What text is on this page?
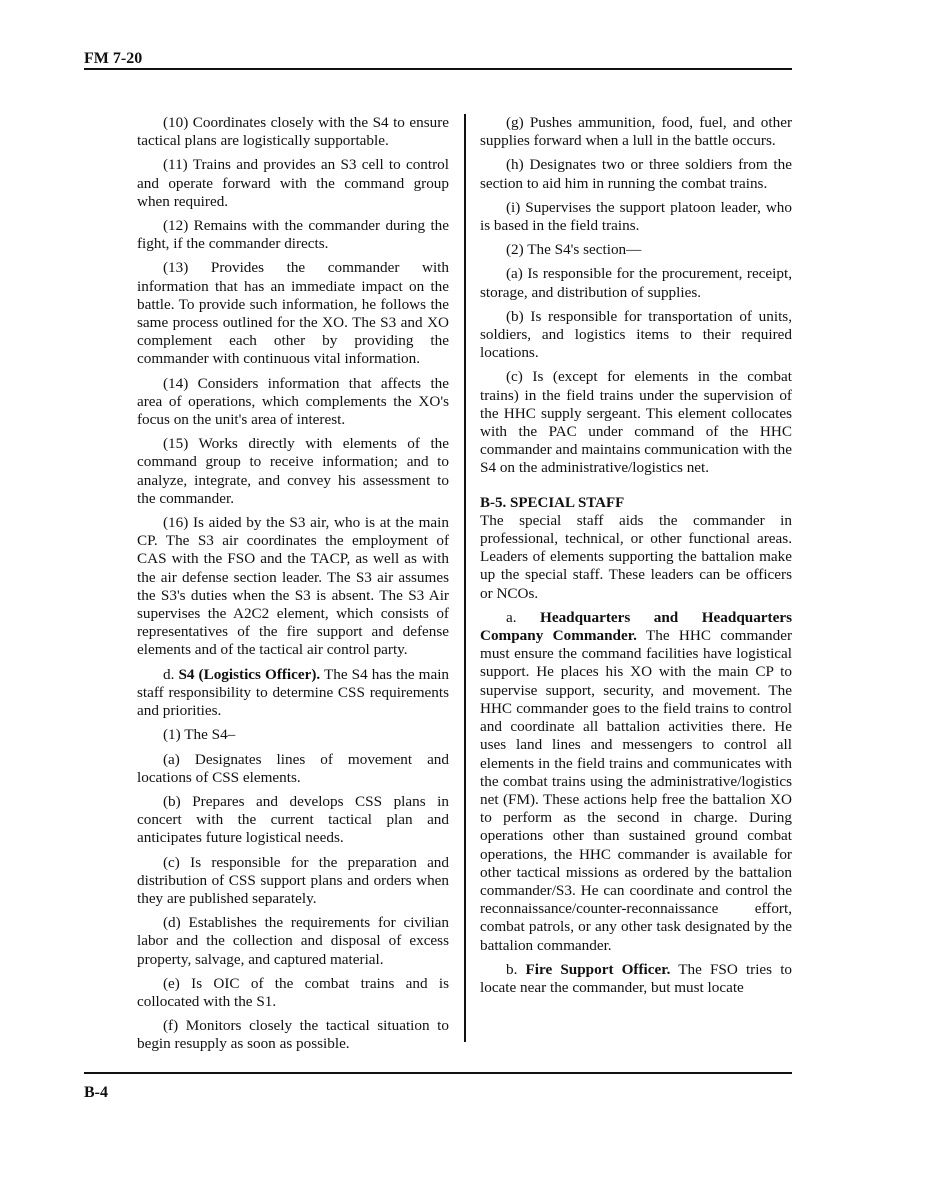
FM 7-20

(10) Coordinates closely with the S4 to ensure tactical plans are logistically supportable.

(11) Trains and provides an S3 cell to control and operate forward with the command group when required.

(12) Remains with the commander during the fight, if the commander directs.

(13) Provides the commander with information that has an immediate impact on the battle. To provide such information, he follows the same process outlined for the XO. The S3 and XO complement each other by providing the commander with continuous vital information.

(14) Considers information that affects the area of operations, which complements the XO's focus on the unit's area of interest.

(15) Works directly with elements of the command group to receive information; and to analyze, integrate, and convey his assessment to the commander.

(16) Is aided by the S3 air, who is at the main CP. The S3 air coordinates the employment of CAS with the FSO and the TACP, as well as with the air defense section leader. The S3 air assumes the S3's duties when the S3 is absent. The S3 Air supervises the A2C2 element, which consists of representatives of the fire support and defense elements and of the tactical air control party.

d. S4 (Logistics Officer). The S4 has the main staff responsibility to determine CSS requirements and priorities.

(1) The S4–

(a) Designates lines of movement and locations of CSS elements.

(b) Prepares and develops CSS plans in concert with the current tactical plan and anticipates future logistical needs.

(c) Is responsible for the preparation and distribution of CSS support plans and orders when they are published separately.

(d) Establishes the requirements for civilian labor and the collection and disposal of excess property, salvage, and captured material.

(e) Is OIC of the combat trains and is collocated with the S1.

(f) Monitors closely the tactical situation to begin resupply as soon as possible.

(g) Pushes ammunition, food, fuel, and other supplies forward when a lull in the battle occurs.

(h) Designates two or three soldiers from the section to aid him in running the combat trains.

(i) Supervises the support platoon leader, who is based in the field trains.

(2) The S4's section—

(a) Is responsible for the procurement, receipt, storage, and distribution of supplies.

(b) Is responsible for transportation of units, soldiers, and logistics items to their required locations.

(c) Is (except for elements in the combat trains) in the field trains under the supervision of the HHC supply sergeant. This element collocates with the PAC under command of the HHC commander and maintains communication with the S4 on the administrative/logistics net.

B-5. SPECIAL STAFF

The special staff aids the commander in professional, technical, or other functional areas. Leaders of elements supporting the battalion make up the special staff. These leaders can be officers or NCOs.

a. Headquarters and Headquarters Company Commander. The HHC commander must ensure the command facilities have logistical support. He places his XO with the main CP to supervise support, security, and movement. The HHC commander goes to the field trains to control and coordinate all battalion activities there. He uses land lines and messengers to control all elements in the field trains and communicates with the combat trains using the administrative/logistics net (FM). These actions help free the battalion XO to perform as the second in charge. During operations other than sustained ground combat operations, the HHC commander is available for other tactical missions as ordered by the battalion commander/S3. He can coordinate and control the reconnaissance/counter-reconnaissance effort, combat patrols, or any other task designated by the battalion commander.

b. Fire Support Officer. The FSO tries to locate near the commander, but must locate

B-4
